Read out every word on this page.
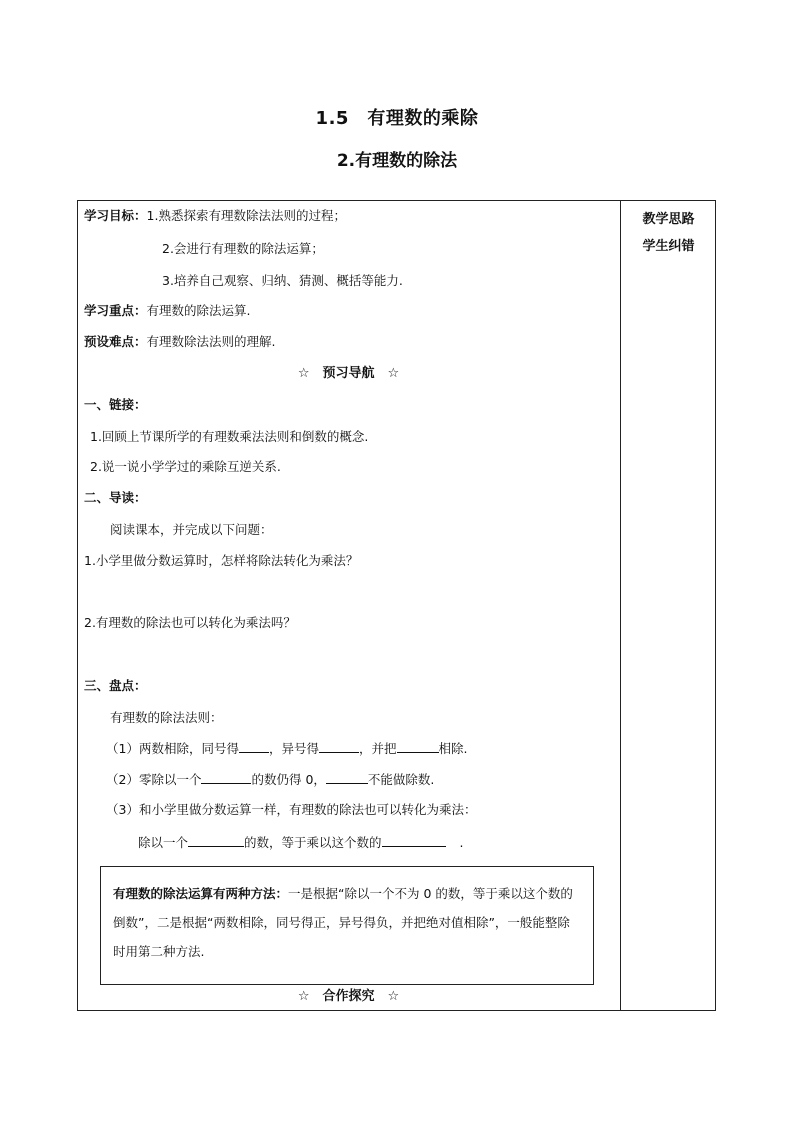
1.5　有理数的乘除
2.有理数的除法
教学思路
学生纠错
学习目标：1.熟悉探索有理数除法法则的过程；
2.会进行有理数的除法运算；
3.培养自己观察、归纳、猜测、概括等能力.
学习重点：有理数的除法运算.
预设难点：有理数除法法则的理解.
☆　预习导航　☆
一、链接：
1.回顾上节课所学的有理数乘法法则和倒数的概念.
2.说一说小学学过的乘除互逆关系.
二、导读：
阅读课本，并完成以下问题：
1.小学里做分数运算时，怎样将除法转化为乘法？
2.有理数的除法也可以转化为乘法吗？
三、盘点：
有理数的除法法则：
（1）两数相除，同号得 ，异号得	，并把	相除.
（2）零除以一个	的数仍得 0，	不能做除数.
（3）和小学里做分数运算一样，有理数的除法也可以转化为乘法：
除以一个	的数，等于乘以这个数的	.
有理数的除法运算有两种方法：一是根据“除以一个不为 0 的数，等于乘以这个数的倒数”，二是根据“两数相除，同号得正，异号得负，并把绝对值相除”，一般能整除时用第二种方法.
☆　合作探究　☆
